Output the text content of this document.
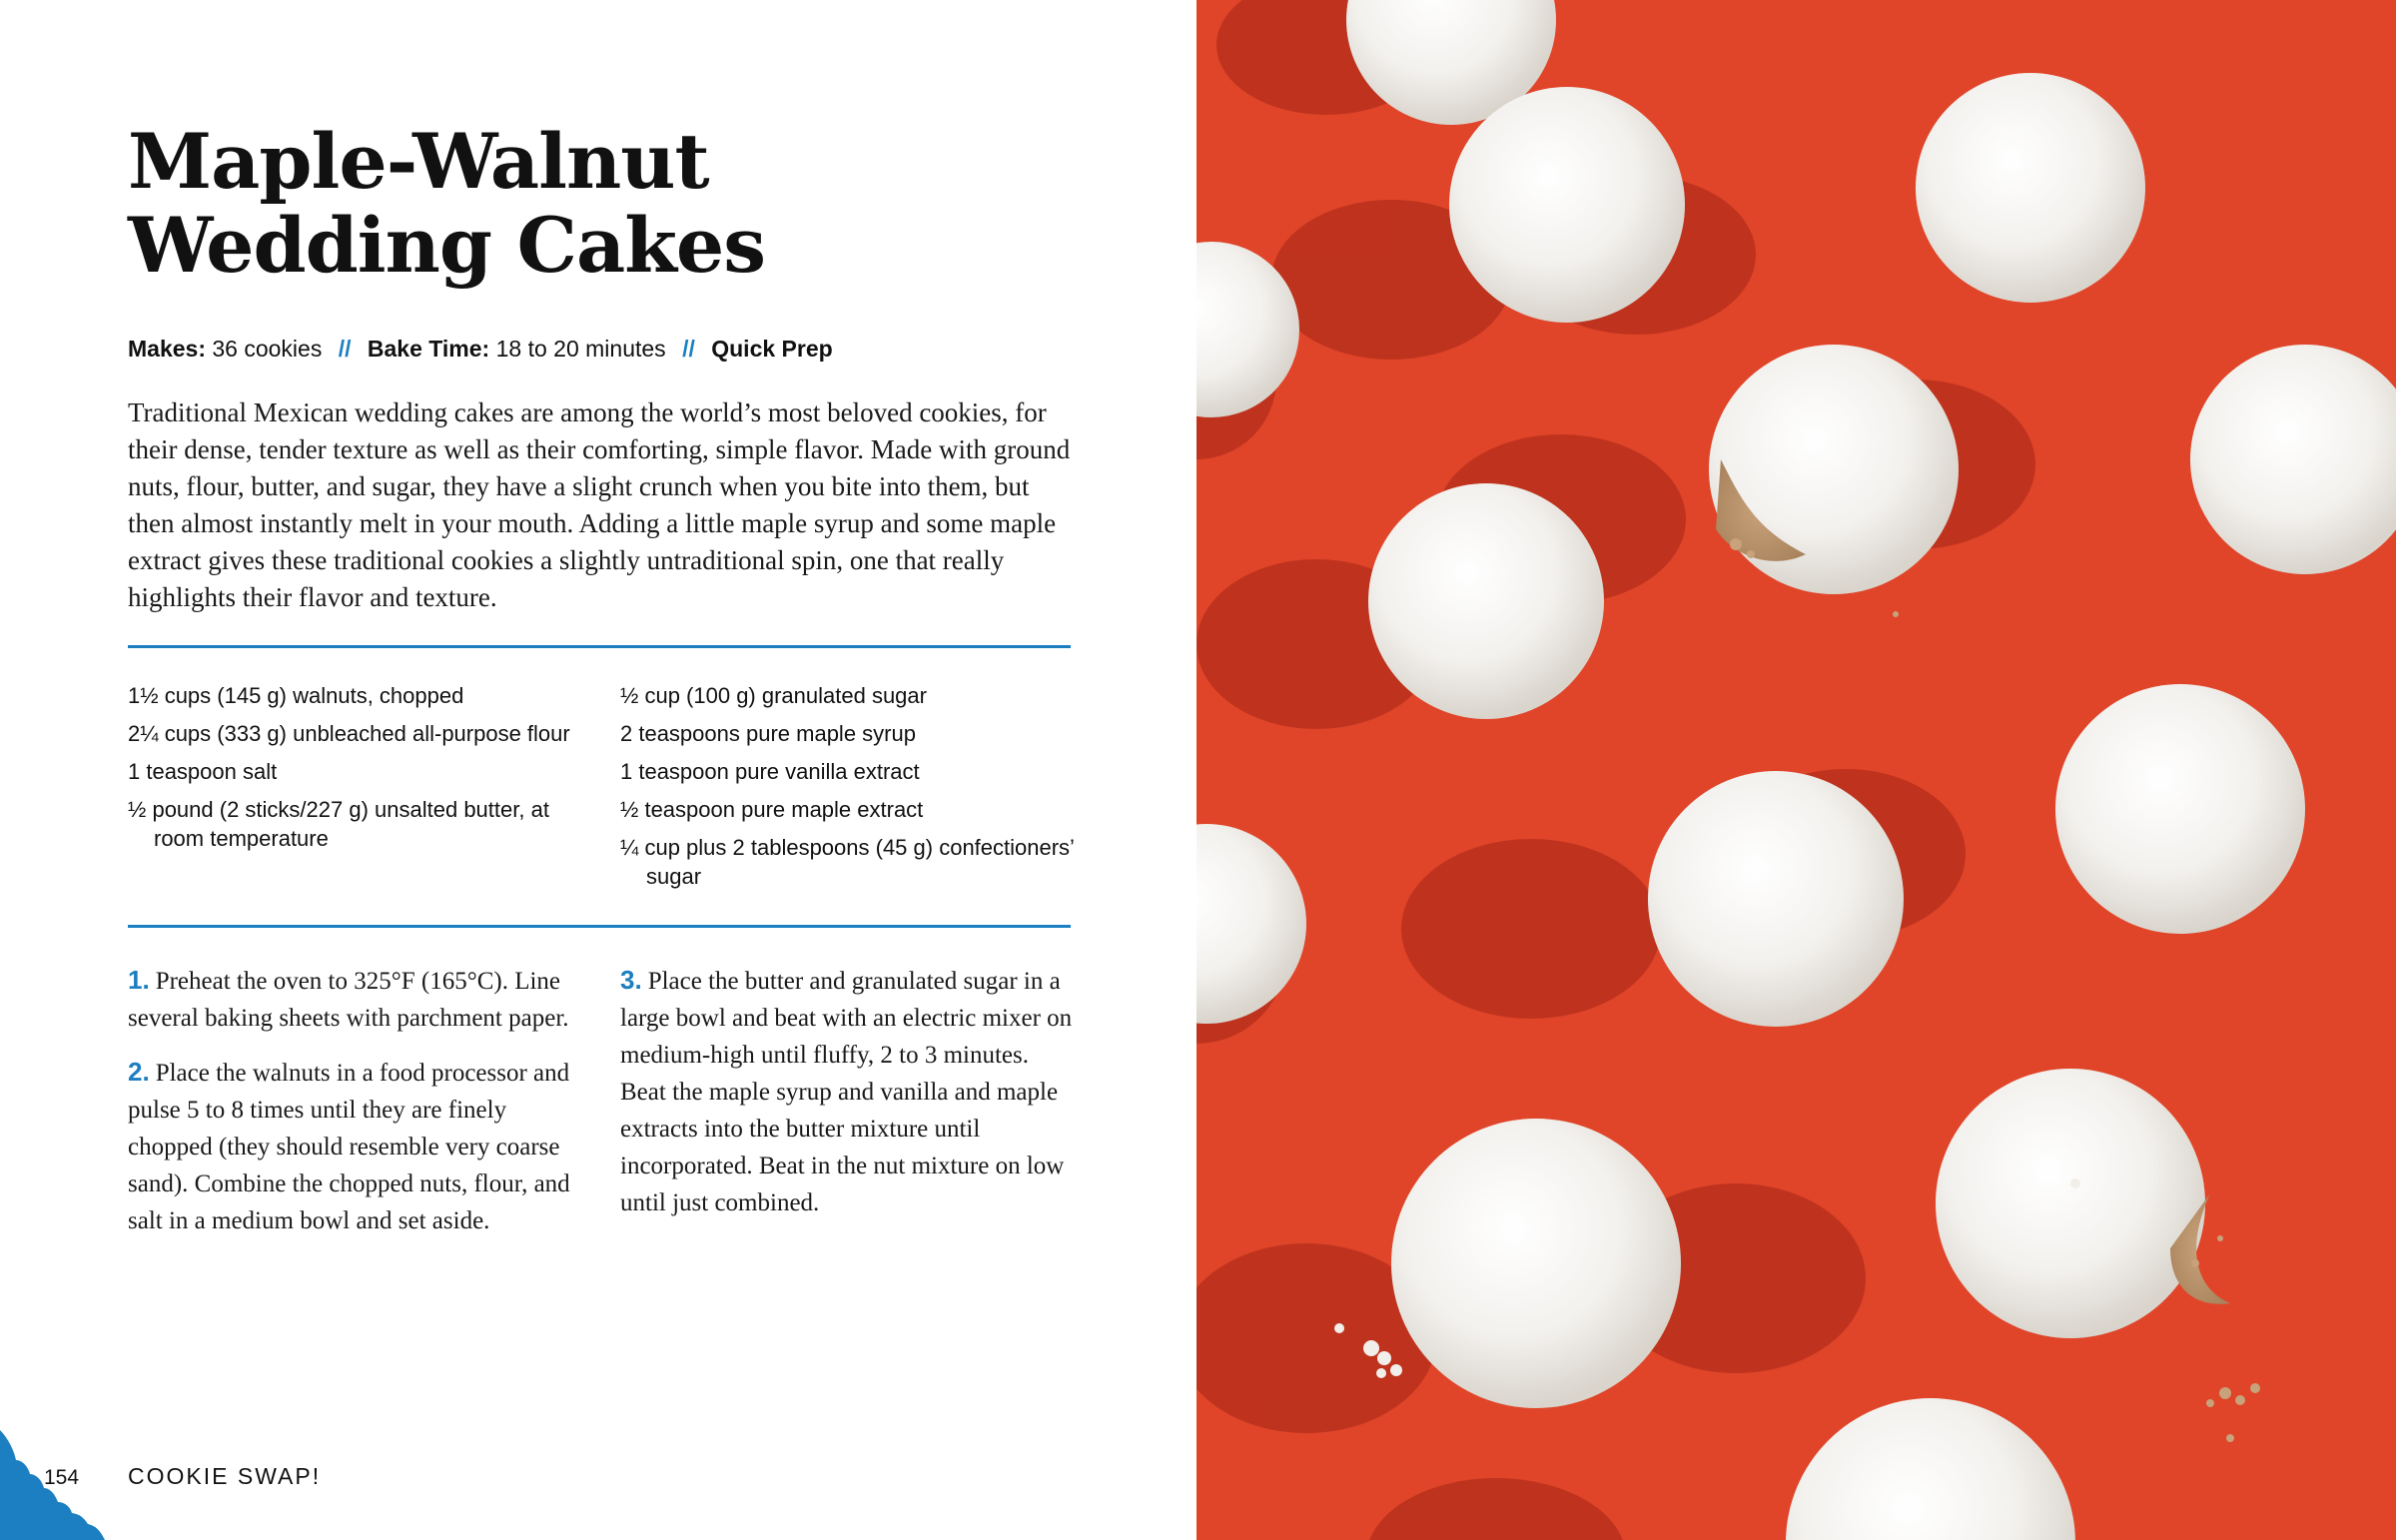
Maple-Walnut
Wedding Cakes
Makes: 36 cookies // Bake Time: 18 to 20 minutes // Quick Prep

Traditional Mexican wedding cakes are among the world’s most beloved cookies, for their dense, tender texture as well as their comforting, simple flavor. Made with ground nuts, flour, butter, and sugar, they have a slight crunch when you bite into them, but then almost instantly melt in your mouth. Adding a little maple syrup and some maple extract gives these traditional cookies a slightly untraditional spin, one that really highlights their flavor and texture.

1½ cups (145 g) walnuts, chopped
2¼ cups (333 g) unbleached all-purpose flour
1 teaspoon salt
½ pound (2 sticks/227 g) unsalted butter, at room temperature
½ cup (100 g) granulated sugar
2 teaspoons pure maple syrup
1 teaspoon pure vanilla extract
½ teaspoon pure maple extract
¼ cup plus 2 tablespoons (45 g) confectioners’ sugar

1. Preheat the oven to 325°F (165°C). Line several baking sheets with parchment paper.

2. Place the walnuts in a food processor and pulse 5 to 8 times until they are finely chopped (they should resemble very coarse sand). Combine the chopped nuts, flour, and salt in a medium bowl and set aside.

3. Place the butter and granulated sugar in a large bowl and beat with an electric mixer on medium-high until fluffy, 2 to 3 minutes. Beat the maple syrup and vanilla and maple extracts into the butter mixture until incorporated. Beat in the nut mixture on low until just combined.

154 COOKIE SWAP!
